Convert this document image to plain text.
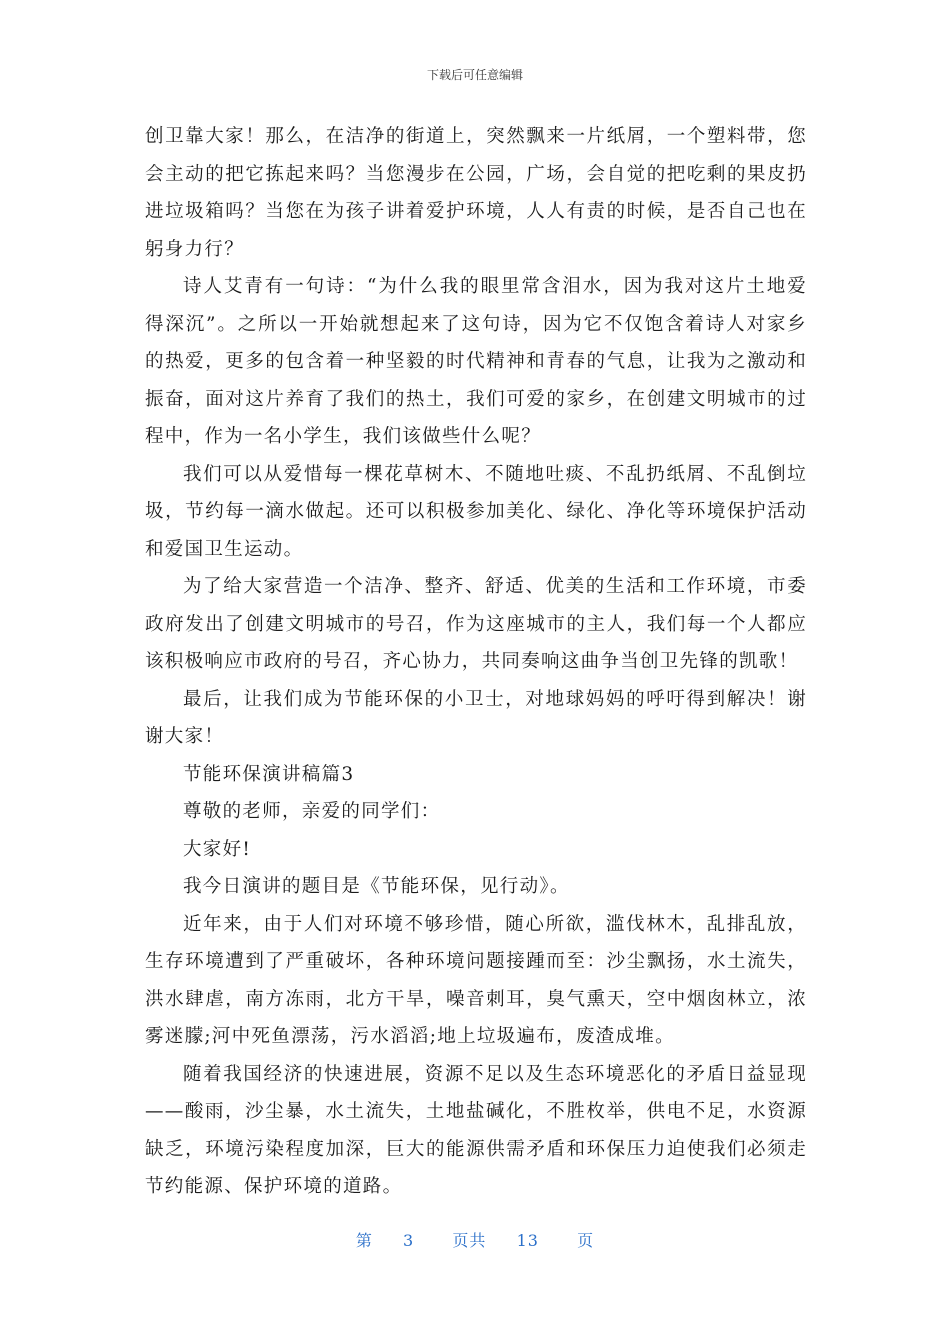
下载后可任意编辑

创卫靠大家！那么，在洁净的街道上，突然飘来一片纸屑，一个塑料带，您会主动的把它拣起来吗？当您漫步在公园，广场，会自觉的把吃剩的果皮扔进垃圾箱吗？当您在为孩子讲着爱护环境，人人有责的时候，是否自己也在躬身力行？

诗人艾青有一句诗：“为什么我的眼里常含泪水，因为我对这片土地爱得深沉”。之所以一开始就想起来了这句诗，因为它不仅饱含着诗人对家乡的热爱，更多的包含着一种坚毅的时代精神和青春的气息，让我为之激动和振奋，面对这片养育了我们的热土，我们可爱的家乡，在创建文明城市的过程中，作为一名小学生，我们该做些什么呢？

我们可以从爱惜每一棵花草树木、不随地吐痰、不乱扔纸屑、不乱倒垃圾，节约每一滴水做起。还可以积极参加美化、绿化、净化等环境保护活动和爱国卫生运动。

为了给大家营造一个洁净、整齐、舒适、优美的生活和工作环境，市委政府发出了创建文明城市的号召，作为这座城市的主人，我们每一个人都应该积极响应市政府的号召，齐心协力，共同奏响这曲争当创卫先锋的凯歌！

最后，让我们成为节能环保的小卫士，对地球妈妈的呼吁得到解决！谢谢大家！

节能环保演讲稿篇3

尊敬的老师，亲爱的同学们：

大家好!

我今日演讲的题目是《节能环保，见行动》。

近年来，由于人们对环境不够珍惜，随心所欲，滥伐林木，乱排乱放，生存环境遭到了严重破坏，各种环境问题接踵而至：沙尘飘扬，水土流失，洪水肆虐，南方冻雨，北方干旱，噪音刺耳，臭气熏天，空中烟囱林立，浓雾迷朦;河中死鱼漂荡，污水滔滔;地上垃圾遍布，废渣成堆。

随着我国经济的快速进展，资源不足以及生态环境恶化的矛盾日益显现——酸雨，沙尘暴，水土流失，土地盐碱化，不胜枚举，供电不足，水资源缺乏，环境污染程度加深，巨大的能源供需矛盾和环保压力迫使我们必须走节约能源、保护环境的道路。

第 3 页共 13 页
